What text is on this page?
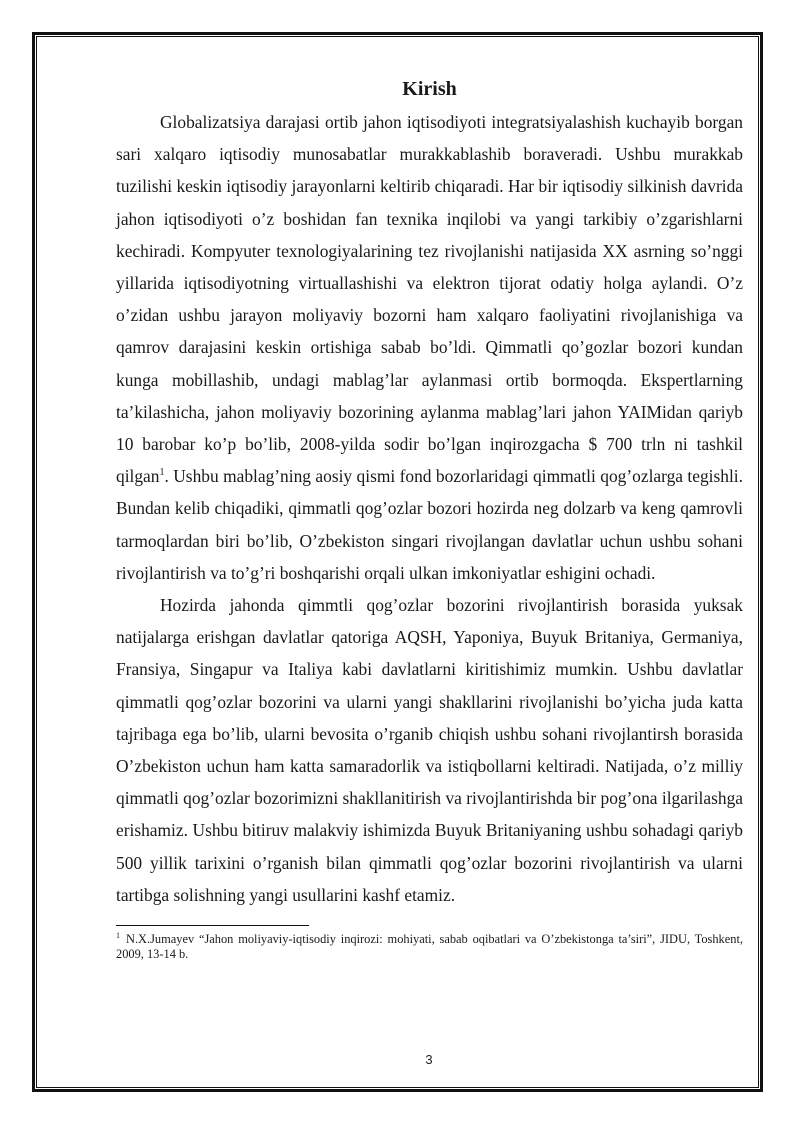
Kirish

Globalizatsiya darajasi ortib jahon iqtisodiyoti integratsiyalashish kuchayib borgan sari xalqaro iqtisodiy munosabatlar murakkablashib boraveradi. Ushbu murakkab tuzilishi keskin iqtisodiy jarayonlarni keltirib chiqaradi. Har bir iqtisodiy silkinish davrida jahon iqtisodiyoti o’z boshidan fan texnika inqilobi va yangi tarkibiy o’zgarishlarni kechiradi. Kompyuter texnologiyalarining tez rivojlanishi natijasida XX asrning so’nggi yillarida iqtisodiyotning virtuallashishi va elektron tijorat odatiy holga aylandi. O’z o’zidan ushbu jarayon moliyaviy bozorni ham xalqaro faoliyatini rivojlanishiga va qamrov darajasini keskin ortishiga sabab bo’ldi. Qimmatli qo’gozlar bozori kundan kunga mobillashib, undagi mablag’lar aylanmasi ortib bormoqda. Ekspertlarning ta’kilashicha, jahon moliyaviy bozorining aylanma mablag’lari jahon YAIMidan qariyb 10 barobar ko’p bo’lib, 2008-yilda sodir bo’lgan inqirozgacha $ 700 trln ni tashkil qilgan$^1$. Ushbu mablag’ning aosiy qismi fond bozorlaridagi qimmatli qog’ozlarga tegishli. Bundan kelib chiqadiki, qimmatli qog’ozlar bozori hozirda neg dolzarb va keng qamrovli tarmoqlardan biri bo’lib, O’zbekiston singari rivojlangan davlatlar uchun ushbu sohani rivojlantirish va to’g’ri boshqarishi orqali ulkan imkoniyatlar eshigini ochadi.

Hozirda jahonda qimmtli qog’ozlar bozorini rivojlantirish borasida yuksak natijalarga erishgan davlatlar qatoriga AQSH, Yaponiya, Buyuk Britaniya, Germaniya, Fransiya, Singapur va Italiya kabi davlatlarni kiritishimiz mumkin. Ushbu davlatlar qimmatli qog’ozlar bozorini va ularni yangi shakllarini rivojlanishi bo’yicha juda katta tajribaga ega bo’lib, ularni bevosita o’rganib chiqish ushbu sohani rivojlantirsh borasida O’zbekiston uchun ham katta samaradorlik va istiqbollarni keltiradi. Natijada, o’z milliy qimmatli qog’ozlar bozorimizni shakllanitirish va rivojlantirishda bir pog’ona ilgarilashga erishamiz. Ushbu bitiruv malakviy ishimizda Buyuk Britaniyaning ushbu sohadagi qariyb 500 yillik tarixini o’rganish bilan qimmatli qog’ozlar bozorini rivojlantirish va ularni tartibga solishning yangi usullarini kashf etamiz.

$^1$ N.X.Jumayev “Jahon moliyaviy-iqtisodiy inqirozi: mohiyati, sabab oqibatlari va O’zbekistonga ta’siri”, JIDU, Toshkent, 2009, 13-14 b.

3
